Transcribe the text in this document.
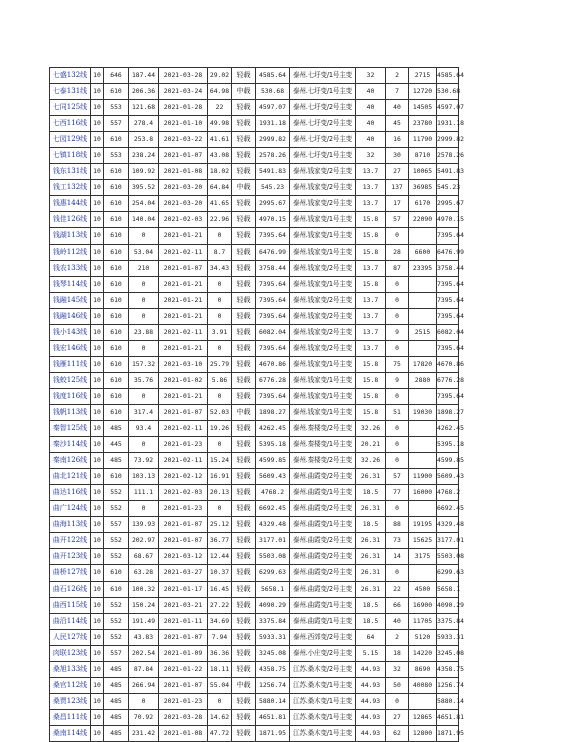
七盛132线	10	646	187.44	2021-03-28	29.02	轻载	4585.64	泰州.七圩变/1号主变	32	2	2715	4585.64
七泰131线	10	610	206.36	2021-03-24	64.98	中载	530.68	泰州.七圩变/1号主变	40	7	12720	530.68
七同125线	10	553	121.68	2021-01-28	22	轻载	4597.07	泰州.七圩变/2号主变	40	40	14505	4597.07
七西116线	10	557	278.4	2021-01-10	49.98	轻载	1931.18	泰州.七圩变/2号主变	40	45	23780	1931.18
七园129线	10	610	253.8	2021-03-22	41.61	轻载	2999.82	泰州.七圩变/2号主变	40	16	11790	2999.82
七镇118线	10	553	238.24	2021-01-07	43.08	轻载	2578.26	泰州.七圩变/1号主变	32	30	8710	2578.26
钱东131线	10	610	109.92	2021-01-08	18.02	轻载	5491.83	泰州.钱家变/2号主变	13.7	27	10065	5491.83
钱工132线	10	610	395.52	2021-03-20	64.84	中载	545.23	泰州.钱家变/2号主变	13.7	137	36985	545.23
钱惠144线	10	610	254.04	2021-03-20	41.65	轻载	2995.67	泰州.钱家变/2号主变	13.7	17	6170	2995.67
钱佳126线	10	610	140.04	2021-02-03	22.96	轻载	4970.15	泰州.钱家变/1号主变	15.8	57	22090	4970.15
钱湖113线	10	610	0	2021-01-21	0	轻载	7395.64	泰州.钱家变/1号主变	15.8	0		7395.64
钱岭112线	10	610	53.04	2021-02-11	8.7	轻载	6476.99	泰州.钱家变/1号主变	15.8	28	6600	6476.99
钱农133线	10	610	210	2021-01-07	34.43	轻载	3758.44	泰州.钱家变/2号主变	13.7	87	23395	3758.44
钱琴114线	10	610	0	2021-01-21	0	轻载	7395.64	泰州.钱家变/1号主变	15.8	0		7395.64
钱融145线	10	610	0	2021-01-21	0	轻载	7395.64	泰州.钱家变/2号主变	13.7	0		7395.64
钱融146线	10	610	0	2021-01-21	0	轻载	7395.64	泰州.钱家变/2号主变	13.7	0		7395.64
钱小143线	10	610	23.88	2021-02-11	3.91	轻载	6082.04	泰州.钱家变/2号主变	13.7	9	2515	6082.04
钱宏146线	10	610	0	2021-01-21	0	轻载	7395.64	泰州.钱家变/2号主变	13.7	0		7395.64
钱雁111线	10	610	157.32	2021-03-10	25.79	轻载	4670.86	泰州.钱家变/1号主变	15.8	75	17820	4670.86
钱蛟125线	10	610	35.76	2021-01-02	5.86	轻载	6776.28	泰州.钱家变/1号主变	15.8	9	2880	6776.28
钱度116线	10	610	0	2021-01-21	0	轻载	7395.64	泰州.钱家变/1号主变	15.8	0		7395.64
钱帆113线	10	610	317.4	2021-01-07	52.03	中载	1898.27	泰州.钱家变/1号主变	15.8	51	19030	1898.27
秦智125线	10	485	93.4	2021-02-11	19.26	轻载	4262.45	泰州.秦楼变/2号主变	32.26	0		4262.45
秦沙114线	10	445	0	2021-01-23	0	轻载	5395.18	泰州.秦楼变/1号主变	20.21	0		5395.18
秦南126线	10	485	73.92	2021-02-11	15.24	轻载	4599.85	泰州.秦楼变/2号主变	32.26	0		4599.85
曲北121线	10	610	103.13	2021-02-12	16.91	轻载	5609.43	泰州.曲霞变/2号主变	26.31	57	11900	5609.43
曲达116线	10	552	111.1	2021-02-03	20.13	轻载	4768.2	泰州.曲霞变/1号主变	18.5	77	16000	4768.2
曲广124线	10	552	0	2021-01-23	0	轻载	6692.45	泰州.曲霞变/2号主变	26.31	0		6692.45
曲海113线	10	557	139.93	2021-01-07	25.12	轻载	4329.48	泰州.曲霞变/1号主变	18.5	88	19195	4329.48
曲开122线	10	552	202.97	2021-01-07	36.77	轻载	3177.01	泰州.曲霞变/2号主变	26.31	73	15625	3177.01
曲开123线	10	552	68.67	2021-03-12	12.44	轻载	5503.08	泰州.曲霞变/2号主变	26.31	14	3175	5503.08
曲桥127线	10	610	63.28	2021-03-27	10.37	轻载	6299.63	泰州.曲霞变/2号主变	26.31	0		6299.63
曲石126线	10	610	100.32	2021-01-17	16.45	轻载	5658.1	泰州.曲霞变/2号主变	26.31	22	4500	5658.1
曲西115线	10	552	150.24	2021-03-21	27.22	轻载	4090.29	泰州.曲霞变/1号主变	18.5	66	16900	4090.29
曲沿114线	10	552	191.49	2021-01-11	34.69	轻载	3375.84	泰州.曲霞变/1号主变	18.5	40	11705	3375.84
人民127线	10	552	43.83	2021-01-07	7.94	轻载	5933.31	泰州.西郊变/2号主变	64	2	5120	5933.31
肉联123线	10	557	202.54	2021-01-09	36.36	轻载	3245.08	泰州.小庄变/2号主变	5.15	18	14220	3245.08
桑旭133线	10	485	87.84	2021-01-22	18.11	轻载	4358.75	江苏.桑木变/2号主变	44.93	32	8690	4358.75
桑官112线	10	485	266.94	2021-01-07	55.04	中载	1256.74	江苏.桑木变/1号主变	44.93	50	40080	1256.74
桑贾123线	10	485	0	2021-01-23	0	轻载	5880.14	江苏.桑木变/1号主变	44.93	0		5880.14
桑昌111线	10	485	70.92	2021-03-28	14.62	轻载	4651.81	江苏.桑木变/1号主变	44.93	27	12865	4651.81
桑南114线	10	485	231.42	2021-01-08	47.72	轻载	1871.95	江苏.桑木变/1号主变	44.93	62	12800	1871.95
